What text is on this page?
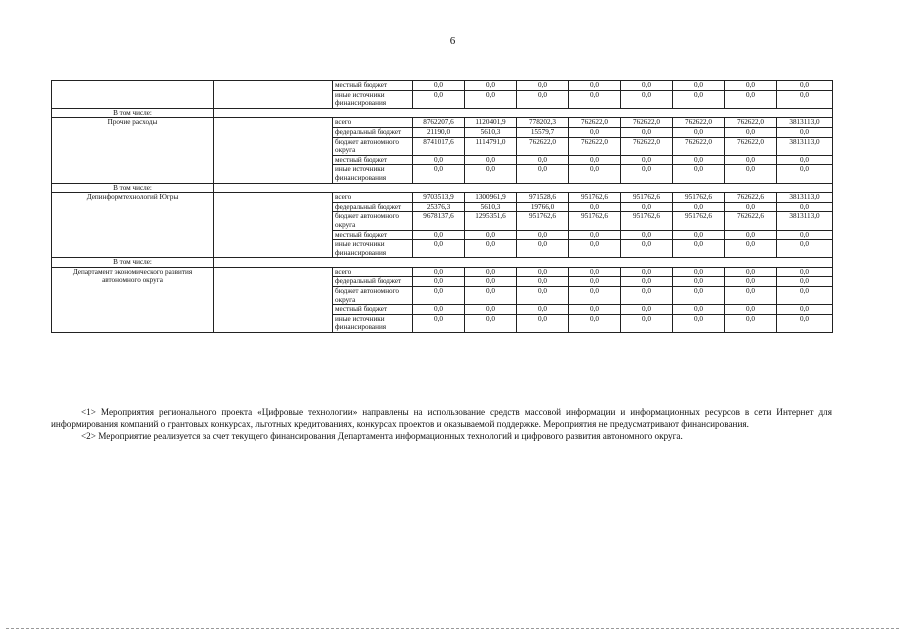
6
		местный бюджет	0,0	0,0	0,0	0,0	0,0	0,0	0,0	0,0
		иные источники финансирования	0,0	0,0	0,0	0,0	0,0	0,0	0,0	0,0
В том числе:										
Прочие расходы		всего	8762207,6	1120401,9	778202,3	762622,0	762622,0	762622,0	762622,0	3813113,0
		федеральный бюджет	21190,0	5610,3	15579,7	0,0	0,0	0,0	0,0	0,0
		бюджет автономного округа	8741017,6	1114791,0	762622,0	762622,0	762622,0	762622,0	762622,0	3813113,0
		местный бюджет	0,0	0,0	0,0	0,0	0,0	0,0	0,0	0,0
		иные источники финансирования	0,0	0,0	0,0	0,0	0,0	0,0	0,0	0,0
В том числе:										
Депинформтехнологий Югры		всего	9703513,9	1300961,9	971528,6	951762,6	951762,6	951762,6	762622,6	3813113,0
		федеральный бюджет	25376,3	5610,3	19766,0	0,0	0,0	0,0	0,0	0,0
		бюджет автономного округа	9678137,6	1295351,6	951762,6	951762,6	951762,6	951762,6	762622,6	3813113,0
		местный бюджет	0,0	0,0	0,0	0,0	0,0	0,0	0,0	0,0
		иные источники финансирования	0,0	0,0	0,0	0,0	0,0	0,0	0,0	0,0
В том числе:										
Департамент экономического развития автономного округа		всего	0,0	0,0	0,0	0,0	0,0	0,0	0,0	0,0
		федеральный бюджет	0,0	0,0	0,0	0,0	0,0	0,0	0,0	0,0
		бюджет автономного округа	0,0	0,0	0,0	0,0	0,0	0,0	0,0	0,0
		местный бюджет	0,0	0,0	0,0	0,0	0,0	0,0	0,0	0,0
		иные источники финансирования	0,0	0,0	0,0	0,0	0,0	0,0	0,0	0,0

<1> Мероприятия регионального проекта «Цифровые технологии» направлены на использование средств массовой информации и информационных ресурсов в сети Интернет для информирования компаний о грантовых конкурсах, льготных кредитованиях, конкурсах проектов и оказываемой поддержке. Мероприятия не предусматривают финансирования.

<2> Мероприятие реализуется за счет текущего финансирования Департамента информационных технологий и цифрового развития автономного округа.
